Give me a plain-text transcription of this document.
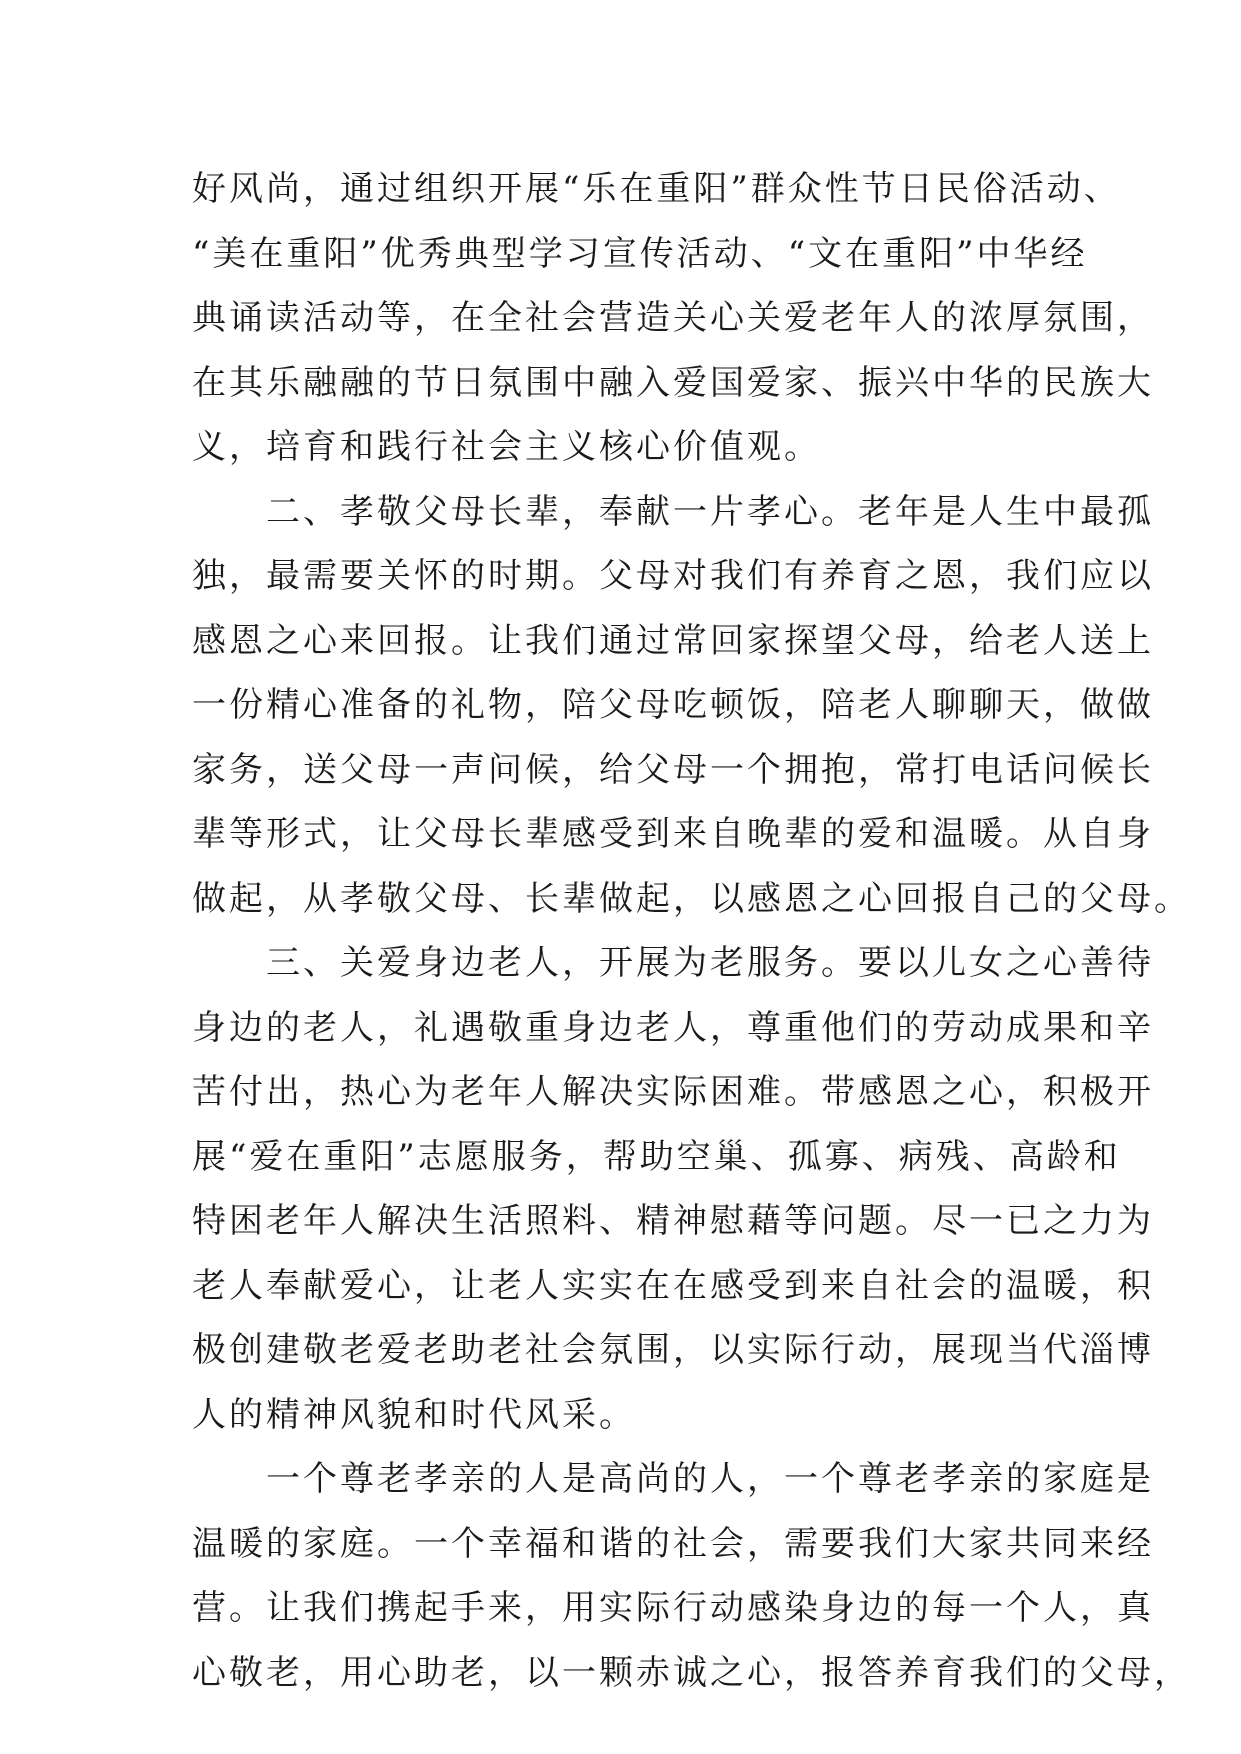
好风尚，通过组织开展“乐在重阳”群众性节日民俗活动、
“美在重阳”优秀典型学习宣传活动、“文在重阳”中华经
典诵读活动等，在全社会营造关心关爱老年人的浓厚氛围，
在其乐融融的节日氛围中融入爱国爱家、振兴中华的民族大
义，培育和践行社会主义核心价值观。
二、孝敬父母长辈，奉献一片孝心。老年是人生中最孤
独，最需要关怀的时期。父母对我们有养育之恩，我们应以
感恩之心来回报。让我们通过常回家探望父母，给老人送上
一份精心准备的礼物，陪父母吃顿饭，陪老人聊聊天，做做
家务，送父母一声问候，给父母一个拥抱，常打电话问候长
辈等形式，让父母长辈感受到来自晚辈的爱和温暖。从自身
做起，从孝敬父母、长辈做起，以感恩之心回报自己的父母。
三、关爱身边老人，开展为老服务。要以儿女之心善待
身边的老人，礼遇敬重身边老人，尊重他们的劳动成果和辛
苦付出，热心为老年人解决实际困难。带感恩之心，积极开
展“爱在重阳”志愿服务，帮助空巢、孤寡、病残、高龄和
特困老年人解决生活照料、精神慰藉等问题。尽一已之力为
老人奉献爱心，让老人实实在在感受到来自社会的温暖，积
极创建敬老爱老助老社会氛围，以实际行动，展现当代淄博
人的精神风貌和时代风采。
一个尊老孝亲的人是高尚的人，一个尊老孝亲的家庭是
温暖的家庭。一个幸福和谐的社会，需要我们大家共同来经
营。让我们携起手来，用实际行动感染身边的每一个人，真
心敬老，用心助老，以一颗赤诚之心，报答养育我们的父母，
